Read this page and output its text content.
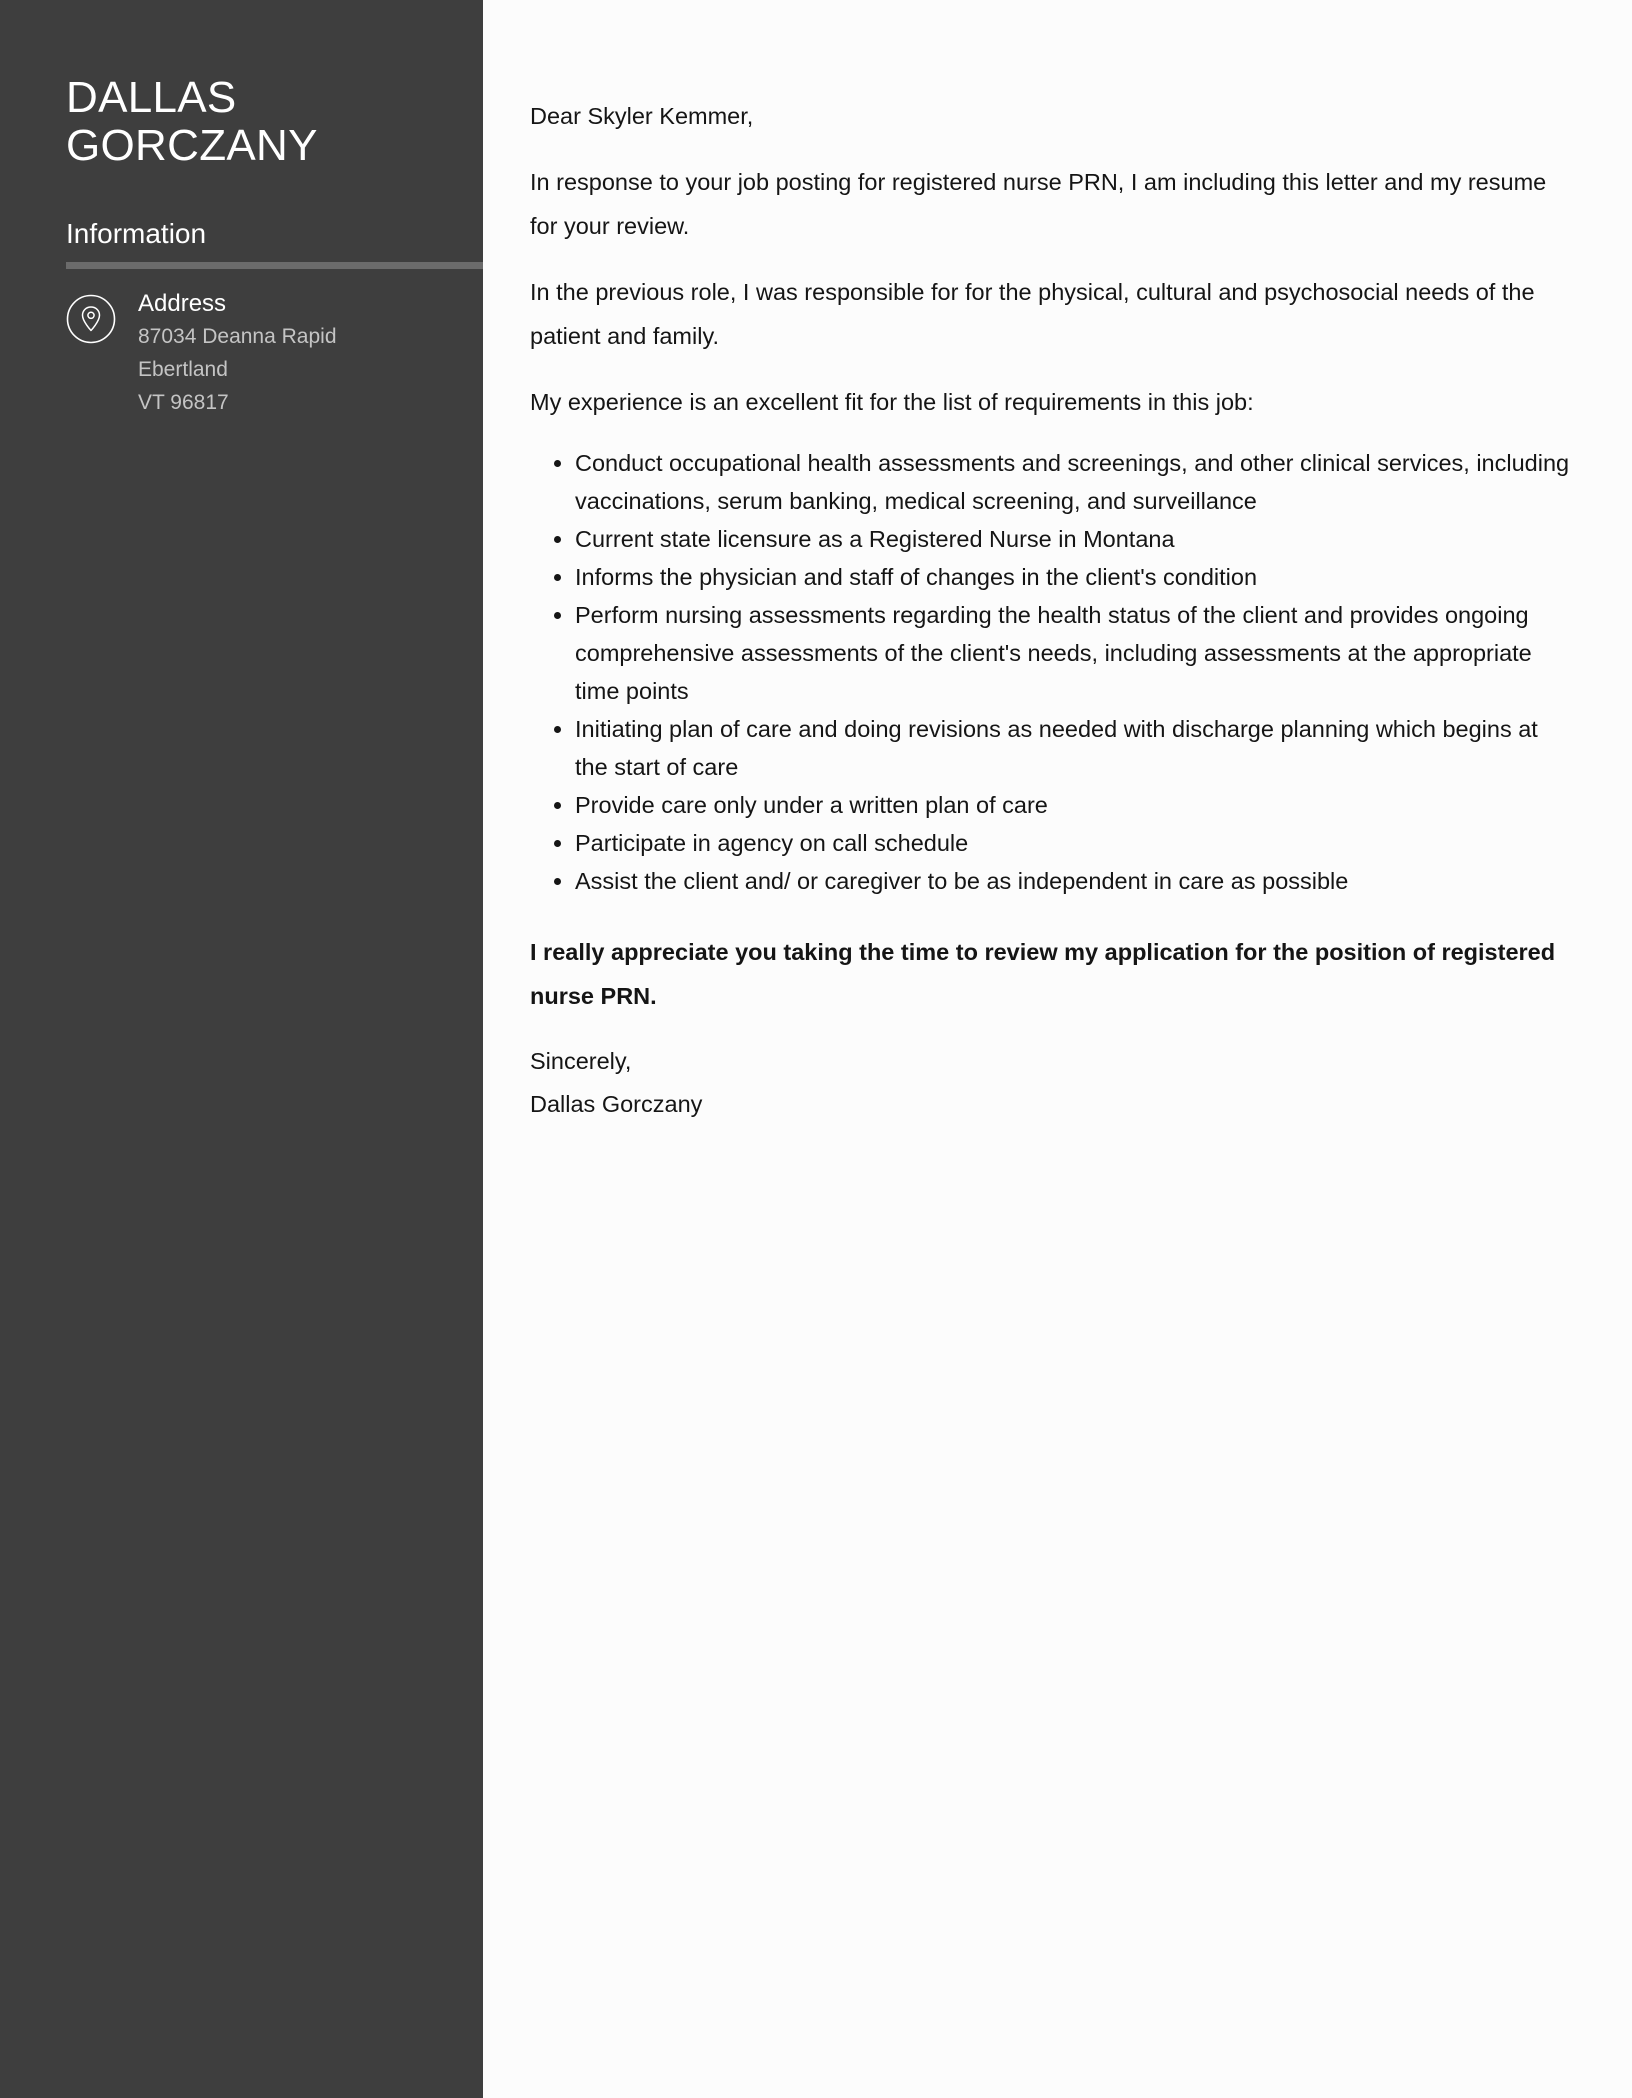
DALLAS
GORCZANY
Information
Address
87034 Deanna Rapid
Ebertland
VT 96817

Dear Skyler Kemmer,

In response to your job posting for registered nurse PRN, I am including this letter and my resume for your review.

In the previous role, I was responsible for for the physical, cultural and psychosocial needs of the patient and family.

My experience is an excellent fit for the list of requirements in this job:

• Conduct occupational health assessments and screenings, and other clinical services, including vaccinations, serum banking, medical screening, and surveillance
• Current state licensure as a Registered Nurse in Montana
• Informs the physician and staff of changes in the client's condition
• Perform nursing assessments regarding the health status of the client and provides ongoing comprehensive assessments of the client's needs, including assessments at the appropriate time points
• Initiating plan of care and doing revisions as needed with discharge planning which begins at the start of care
• Provide care only under a written plan of care
• Participate in agency on call schedule
• Assist the client and/ or caregiver to be as independent in care as possible

I really appreciate you taking the time to review my application for the position of registered nurse PRN.

Sincerely,

Dallas Gorczany
